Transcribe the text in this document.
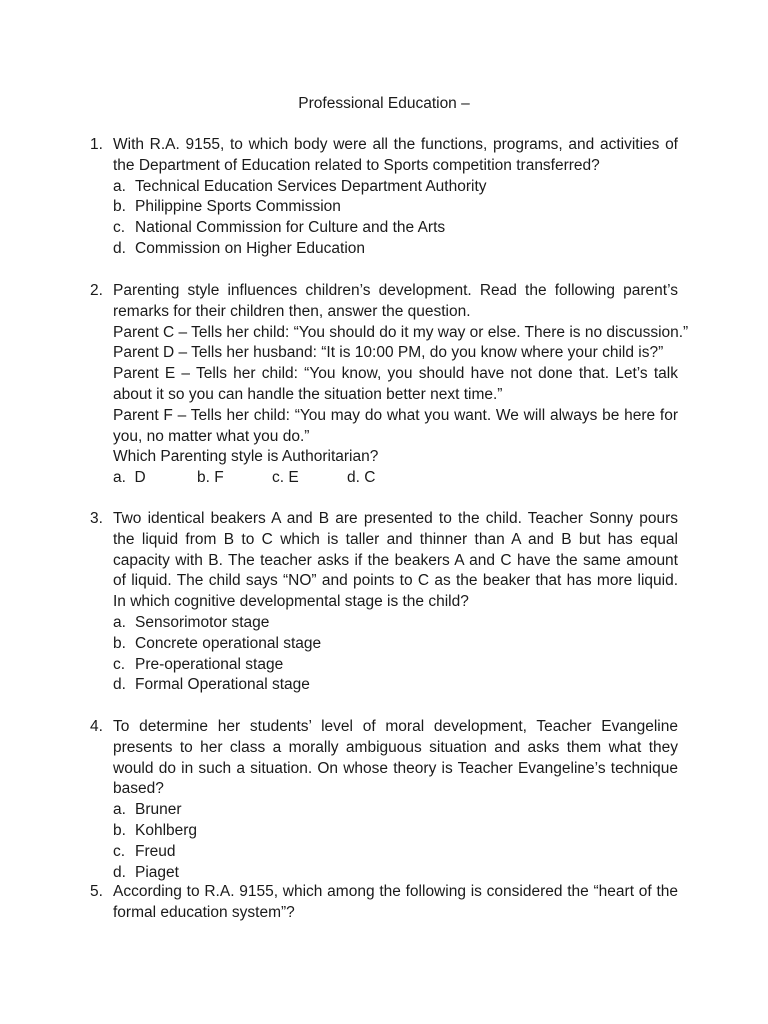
Professional Education –
1. With R.A. 9155, to which body were all the functions, programs, and activities of the Department of Education related to Sports competition transferred?
a. Technical Education Services Department Authority
b. Philippine Sports Commission
c. National Commission for Culture and the Arts
d. Commission on Higher Education
2. Parenting style influences children’s development. Read the following parent’s remarks for their children then, answer the question.
Parent C – Tells her child: “You should do it my way or else. There is no discussion.”
Parent D – Tells her husband: “It is 10:00 PM, do you know where your child is?”
Parent E – Tells her child: “You know, you should have not done that. Let’s talk about it so you can handle the situation better next time.”
Parent F – Tells her child: “You may do what you want. We will always be here for you, no matter what you do.”
Which Parenting style is Authoritarian?
a.  D	b. F	c. E	d. C
3. Two identical beakers A and B are presented to the child. Teacher Sonny pours the liquid from B to C which is taller and thinner than A and B but has equal capacity with B. The teacher asks if the beakers A and C have the same amount of liquid. The child says “NO” and points to C as the beaker that has more liquid. In which cognitive developmental stage is the child?
a. Sensorimotor stage
b. Concrete operational stage
c. Pre-operational stage
d. Formal Operational stage
4. To determine her students’ level of moral development, Teacher Evangeline presents to her class a morally ambiguous situation and asks them what they would do in such a situation. On whose theory is Teacher Evangeline’s technique based?
a. Bruner
b. Kohlberg
c. Freud
d. Piaget
5. According to R.A. 9155, which among the following is considered the “heart of the formal education system”?
